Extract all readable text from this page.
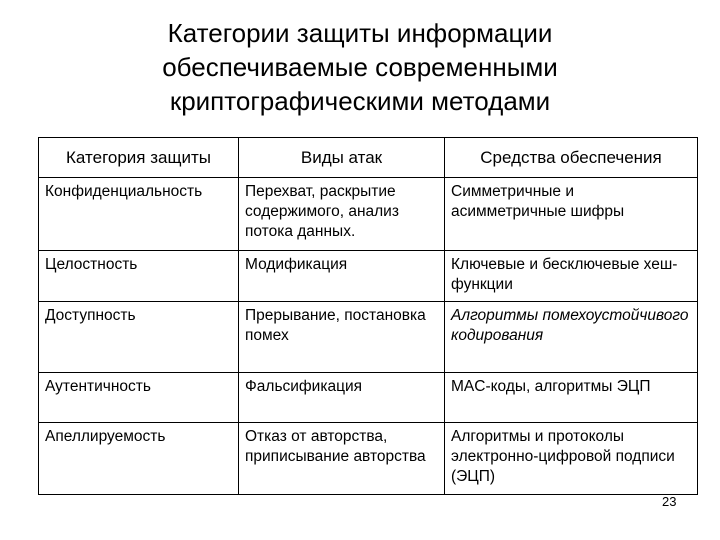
Категории защиты информации
обеспечиваемые современными
криптографическими методами
Категория защиты	Виды атак	Средства обеспечения
Конфиденциальность	Перехват, раскрытие содержимого, анализ потока данных.	Симметричные и асимметричные шифры
Целостность	Модификация	Ключевые и бесключевые хеш-функции
Доступность	Прерывание, постановка помех	Алгоритмы помехоустойчивого кодирования
Аутентичность	Фальсификация	MAC-коды, алгоритмы ЭЦП
Апеллируемость	Отказ от авторства, приписывание авторства	Алгоритмы и протоколы электронно-цифровой подписи (ЭЦП)
23
